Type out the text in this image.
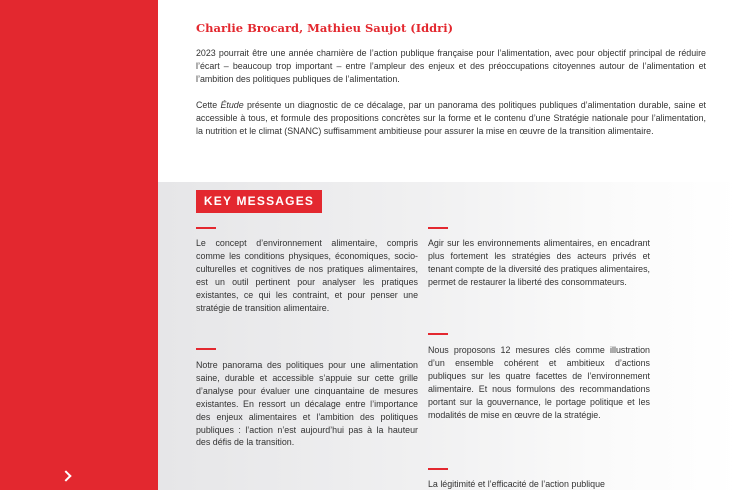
Charlie Brocard, Mathieu Saujot (Iddri)

2023 pourrait être une année charnière de l’action publique française pour l’alimentation, avec pour objectif principal de réduire l’écart – beaucoup trop important – entre l’ampleur des enjeux et des préoccupations citoyennes autour de l’alimentation et l’ambition des politiques publiques de l’alimentation.

Cette Étude présente un diagnostic de ce décalage, par un panorama des politiques publiques d’alimentation durable, saine et accessible à tous, et formule des propositions concrètes sur la forme et le contenu d’une Stratégie nationale pour l’alimentation, la nutrition et le climat (SNANC) suffisamment ambitieuse pour assurer la mise en œuvre de la transition alimentaire.

KEY MESSAGES

Le concept d’environnement alimentaire, compris comme les conditions physiques, économiques, socio-culturelles et cognitives de nos pratiques alimentaires, est un outil pertinent pour analyser les pratiques existantes, ce qui les contraint, et pour penser une stratégie de transition alimentaire.

Notre panorama des politiques pour une alimentation saine, durable et accessible s’appuie sur cette grille d’analyse pour évaluer une cinquantaine de mesures existantes. En ressort un décalage entre l’importance des enjeux alimentaires et l’ambition des politiques publiques : l’action n’est aujourd’hui pas à la hauteur des défis de la transition.

Agir sur les environnements alimentaires, en encadrant plus fortement les stratégies des acteurs privés et tenant compte de la diversité des pratiques alimentaires, permet de restaurer la liberté des consommateurs.

Nous proposons 12 mesures clés comme illustration d’un ensemble cohérent et ambitieux d’actions publiques sur les quatre facettes de l’environnement alimentaire. Et nous formulons des recommandations portant sur la gouvernance, le portage politique et les modalités de mise en œuvre de la stratégie.

La légitimité et l’efficacité de l’action publique
